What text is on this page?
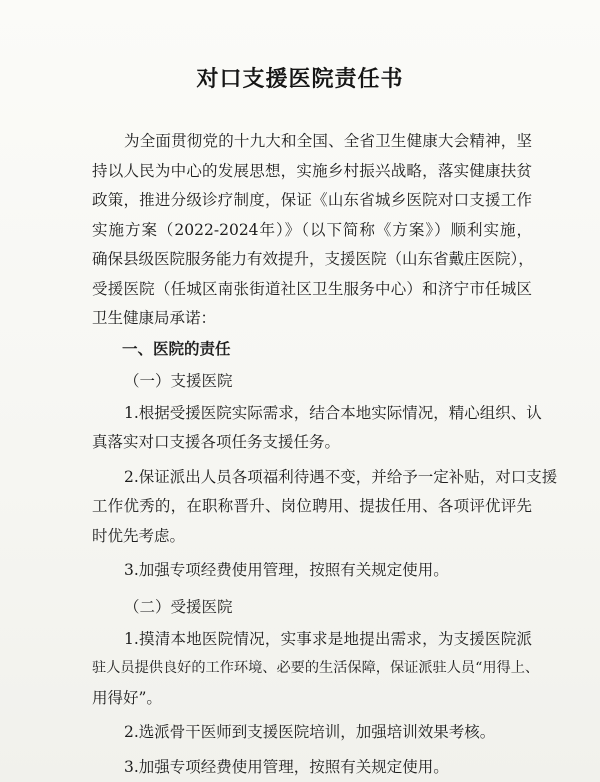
对口支援医院责任书
为全面贯彻党的十九大和全国、全省卫生健康大会精神，坚
持以人民为中心的发展思想，实施乡村振兴战略，落实健康扶贫
政策，推进分级诊疗制度，保证《山东省城乡医院对口支援工作
实施方案（2022-2024年）》（以下简称《方案》）顺利实施，
确保县级医院服务能力有效提升，支援医院（山东省戴庄医院），
受援医院（任城区南张街道社区卫生服务中心）和济宁市任城区
卫生健康局承诺：
一、医院的责任
（一）支援医院
1.根据受援医院实际需求，结合本地实际情况，精心组织、认
真落实对口支援各项任务支援任务。
2.保证派出人员各项福利待遇不变，并给予一定补贴，对口支援
工作优秀的，在职称晋升、岗位聘用、提拔任用、各项评优评先
时优先考虑。
3.加强专项经费使用管理，按照有关规定使用。
（二）受援医院
1.摸清本地医院情况，实事求是地提出需求，为支援医院派
驻人员提供良好的工作环境、必要的生活保障，保证派驻人员“用得上、
用得好”。
2.选派骨干医师到支援医院培训，加强培训效果考核。
3.加强专项经费使用管理，按照有关规定使用。
